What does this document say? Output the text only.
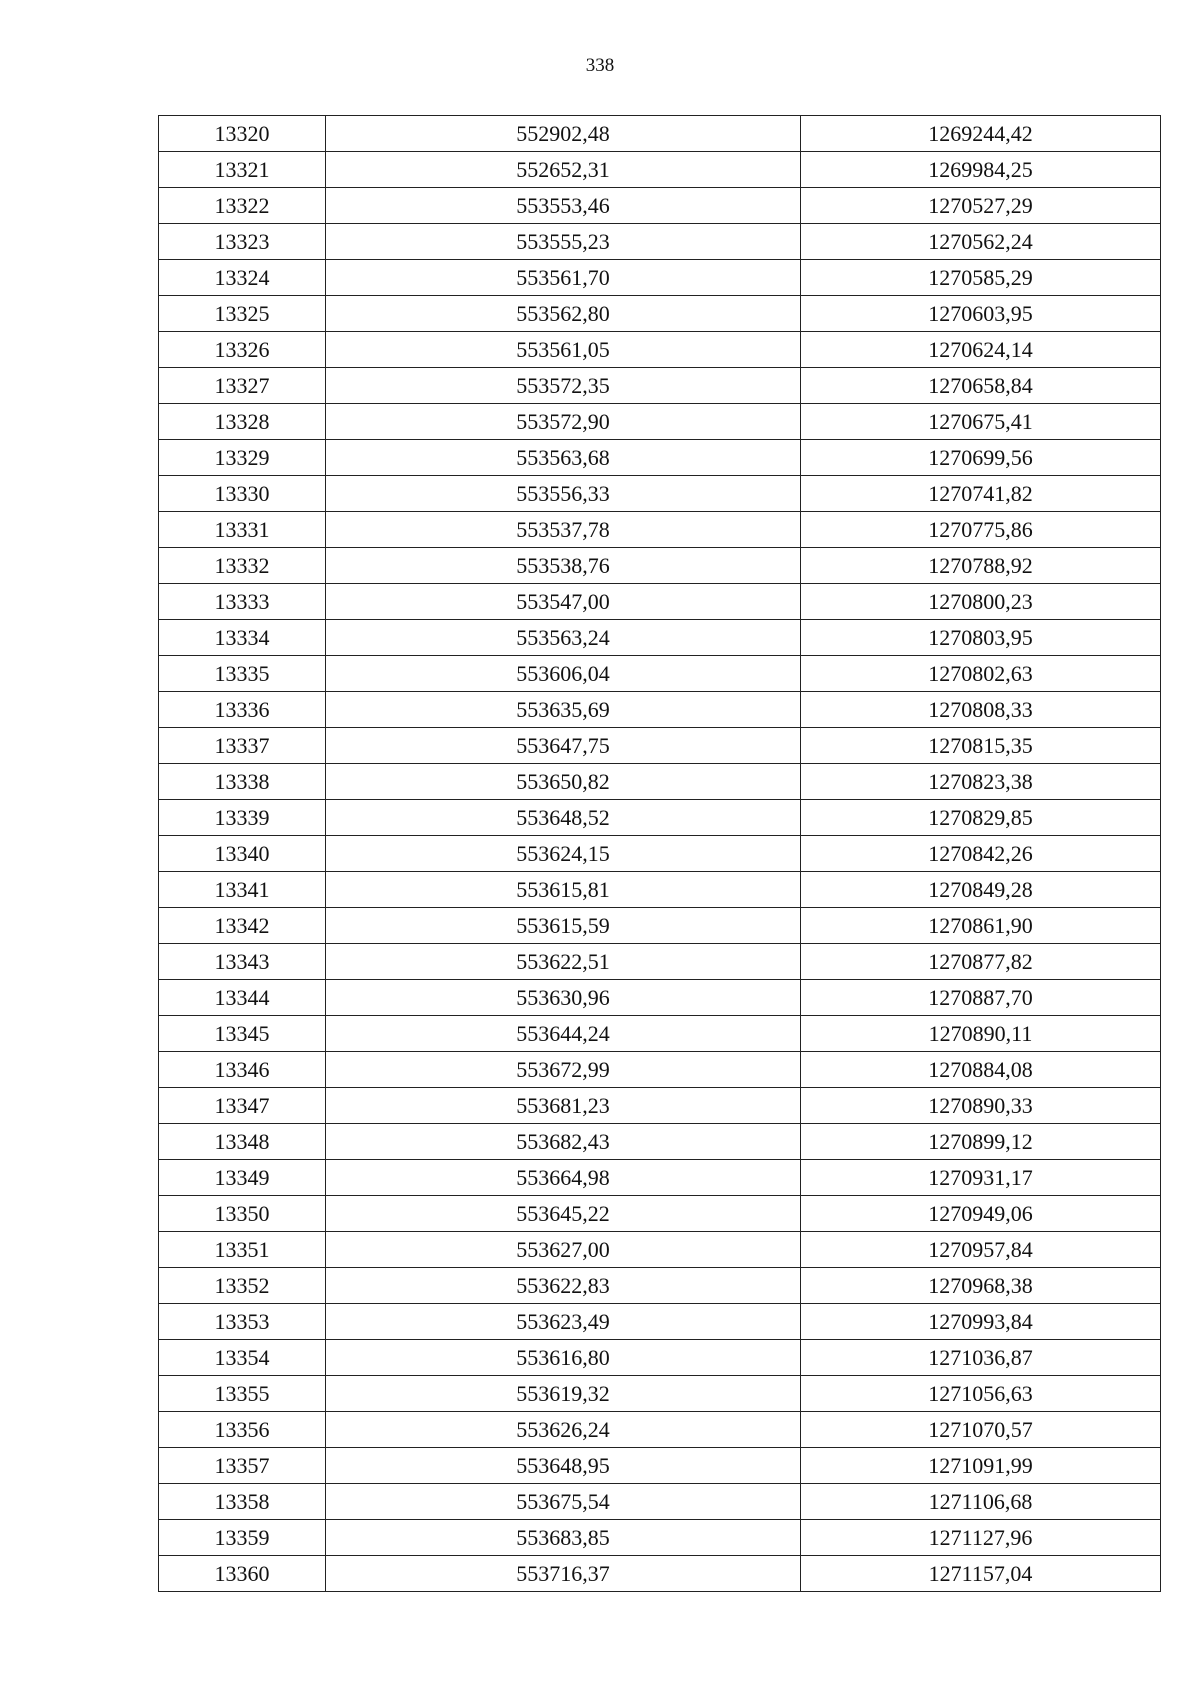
338
13320	552902,48	1269244,42
13321	552652,31	1269984,25
13322	553553,46	1270527,29
13323	553555,23	1270562,24
13324	553561,70	1270585,29
13325	553562,80	1270603,95
13326	553561,05	1270624,14
13327	553572,35	1270658,84
13328	553572,90	1270675,41
13329	553563,68	1270699,56
13330	553556,33	1270741,82
13331	553537,78	1270775,86
13332	553538,76	1270788,92
13333	553547,00	1270800,23
13334	553563,24	1270803,95
13335	553606,04	1270802,63
13336	553635,69	1270808,33
13337	553647,75	1270815,35
13338	553650,82	1270823,38
13339	553648,52	1270829,85
13340	553624,15	1270842,26
13341	553615,81	1270849,28
13342	553615,59	1270861,90
13343	553622,51	1270877,82
13344	553630,96	1270887,70
13345	553644,24	1270890,11
13346	553672,99	1270884,08
13347	553681,23	1270890,33
13348	553682,43	1270899,12
13349	553664,98	1270931,17
13350	553645,22	1270949,06
13351	553627,00	1270957,84
13352	553622,83	1270968,38
13353	553623,49	1270993,84
13354	553616,80	1271036,87
13355	553619,32	1271056,63
13356	553626,24	1271070,57
13357	553648,95	1271091,99
13358	553675,54	1271106,68
13359	553683,85	1271127,96
13360	553716,37	1271157,04
